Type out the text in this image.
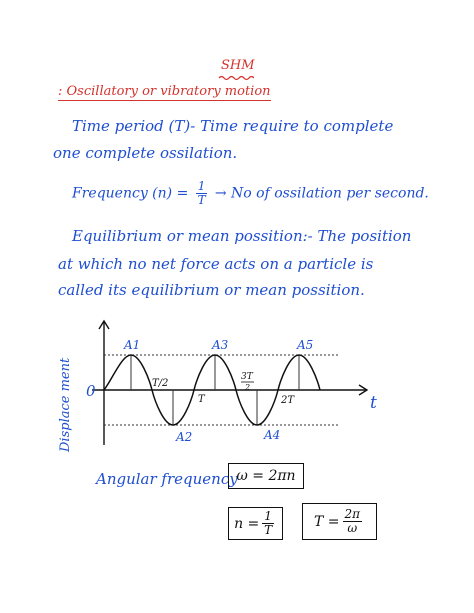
SHM
: Oscillatory or vibratory motion
Time period (T)- Time require to complete
one complete ossilation.
Frequency $(n) = \frac{1}{T} \to No$ of ossilation per second.
Equilibrium or mean possition:- The position
at which no net force acts on a particle is
called its equilibrium or mean possition.
Displace ment	t
0
A1	A3	A5
A2	A4
T/2
T
3T
2
2T
Angular frequency
ω = 2πn
$n = \frac{1}{T}$	$T = \frac{2\pi}{\omega}$
